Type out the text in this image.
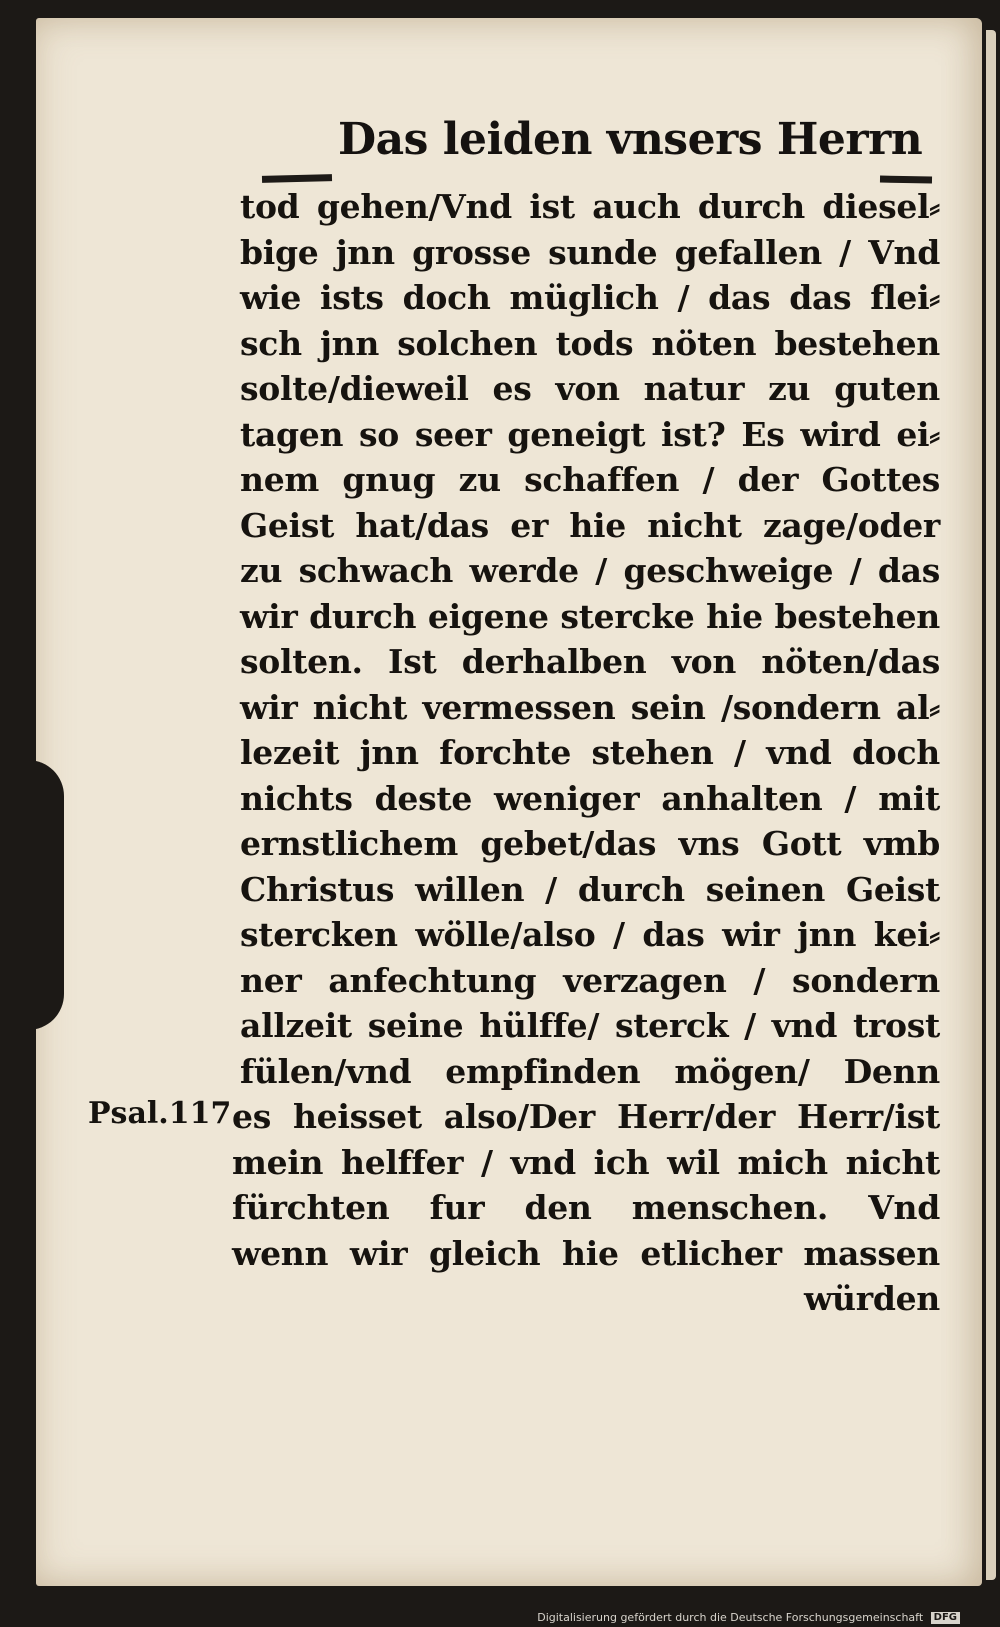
Das leiden vnsers Herrn
tod gehen/Vnd ist auch durch diesel⸗
bige jnn grosse sunde gefallen / Vnd
wie ists doch müglich / das das flei⸗
sch jnn solchen tods nöten bestehen
solte/dieweil es von natur zu guten
tagen so seer geneigt ist? Es wird ei⸗
nem gnug zu schaffen / der Gottes
Geist hat/das er hie nicht zage/oder
zu schwach werde / geschweige / das
wir durch eigene stercke hie bestehen
solten. Ist derhalben von nöten/das
wir nicht vermessen sein /sondern al⸗
lezeit jnn forchte stehen / vnd doch
nichts deste weniger anhalten / mit
ernstlichem gebet/das vns Gott vmb
Christus willen / durch seinen Geist
stercken wölle/also / das wir jnn kei⸗
ner anfechtung verzagen / sondern
allzeit seine hülffe/ sterck / vnd trost
fülen/vnd empfinden mögen/ Denn
es heisset also/Der Herr/der Herr/ist
mein helffer / vnd ich wil mich nicht
fürchten fur den menschen. Vnd
wenn wir gleich hie etlicher massen
würden
Psal.117.
Digitalisierung gefördert durch die Deutsche Forschungsgemeinschaft DFG
